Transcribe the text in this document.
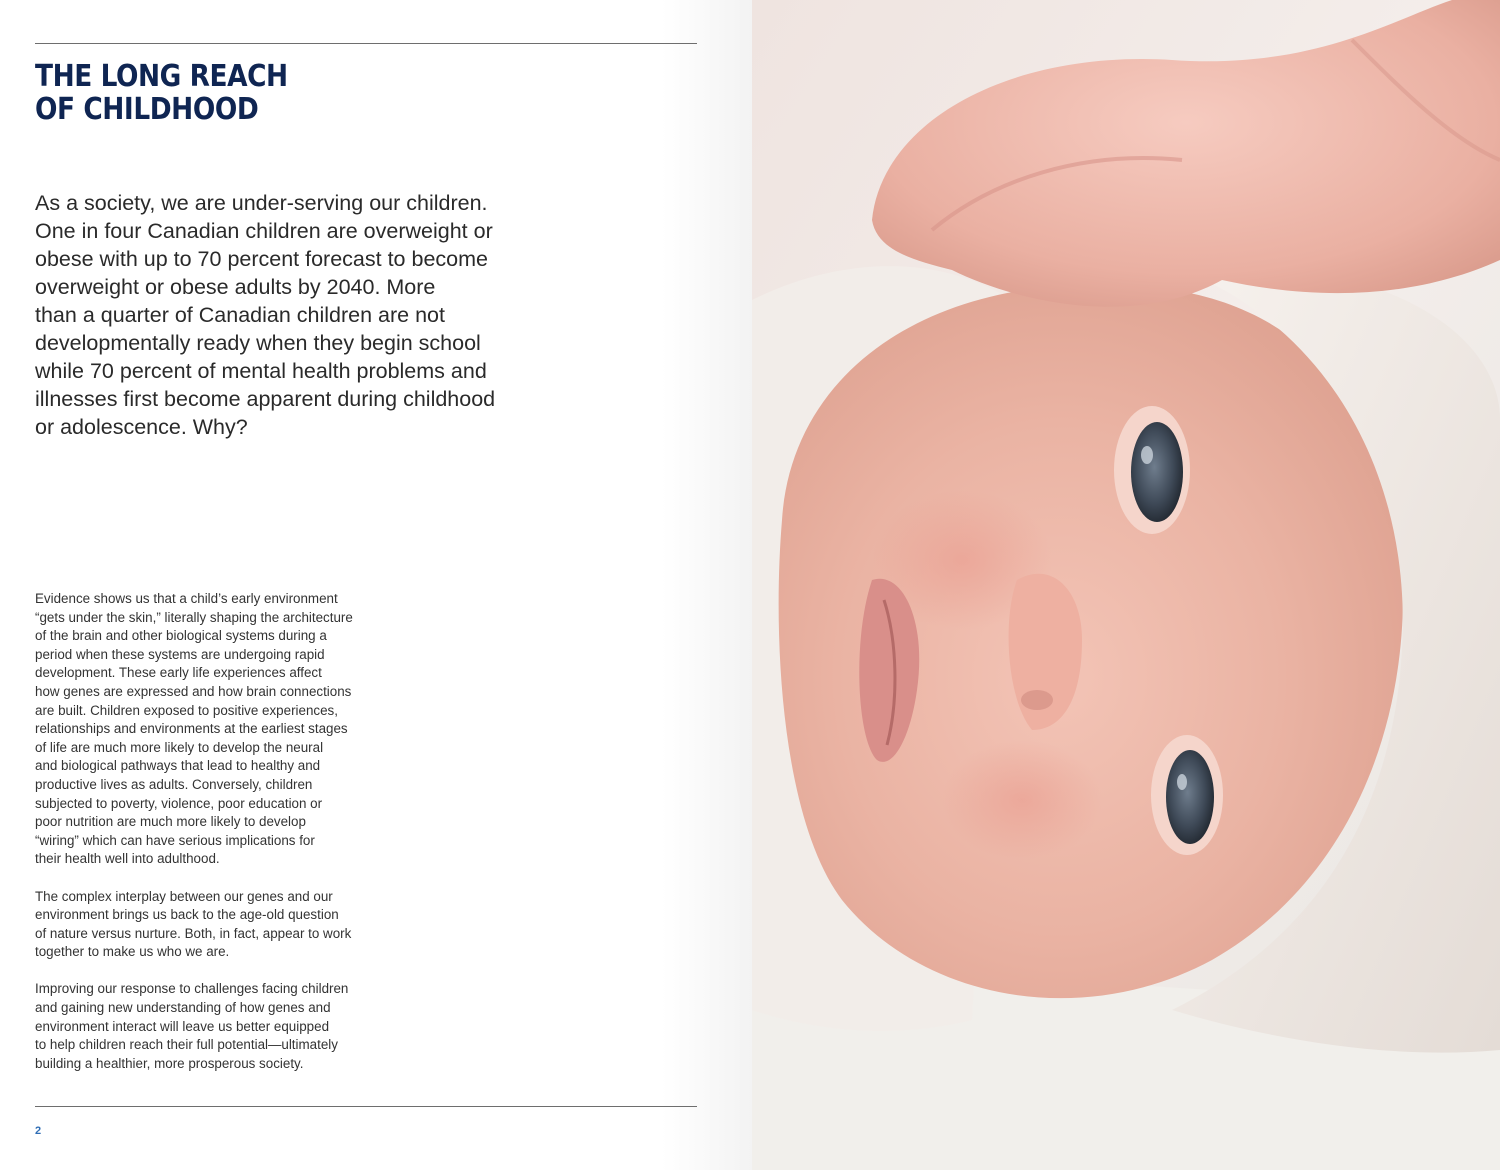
THE LONG REACH
OF CHILDHOOD

As a society, we are under-serving our children.
One in four Canadian children are overweight or
obese with up to 70 percent forecast to become
overweight or obese adults by 2040. More
than a quarter of Canadian children are not
developmentally ready when they begin school
while 70 percent of mental health problems and
illnesses first become apparent during childhood
or adolescence. Why?

Evidence shows us that a child’s early environment
“gets under the skin,” literally shaping the architecture
of the brain and other biological systems during a
period when these systems are undergoing rapid
development. These early life experiences affect
how genes are expressed and how brain connections
are built. Children exposed to positive experiences,
relationships and environments at the earliest stages
of life are much more likely to develop the neural
and biological pathways that lead to healthy and
productive lives as adults. Conversely, children
subjected to poverty, violence, poor education or
poor nutrition are much more likely to develop
“wiring” which can have serious implications for
their health well into adulthood.

The complex interplay between our genes and our
environment brings us back to the age-old question
of nature versus nurture. Both, in fact, appear to work
together to make us who we are.

Improving our response to challenges facing children
and gaining new understanding of how genes and
environment interact will leave us better equipped
to help children reach their full potential—ultimately
building a healthier, more prosperous society.

2
